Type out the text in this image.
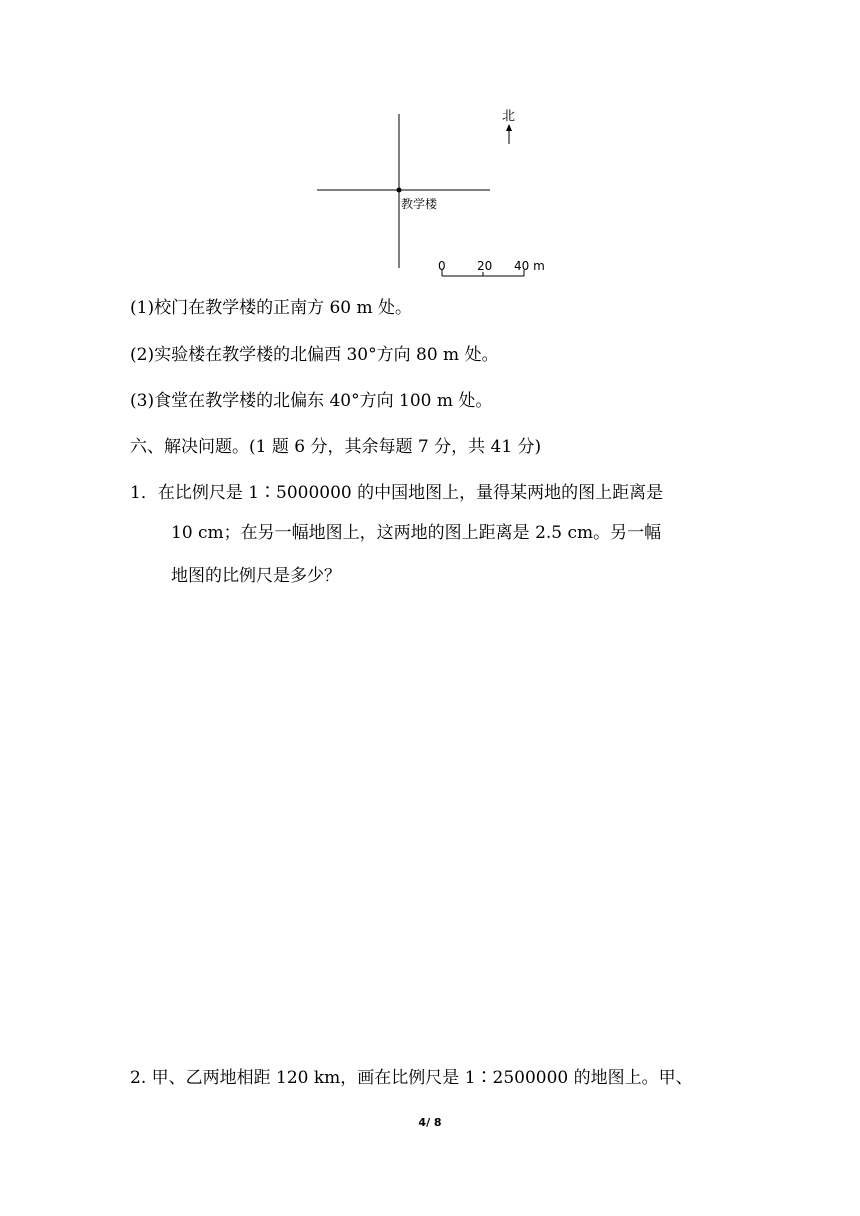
教学楼
北
0	20 40 m
(1)校门在教学楼的正南方 60 m 处。
(2)实验楼在教学楼的北偏西 30°方向 80 m 处。
(3)食堂在教学楼的北偏东 40°方向 100 m 处。
六、解决问题。(1 题 6 分，其余每题 7 分，共 41 分)
1．在比例尺是 1∶5000000 的中国地图上，量得某两地的图上距离是
10 cm；在另一幅地图上，这两地的图上距离是 2.5 cm。另一幅
地图的比例尺是多少？
2. 甲、乙两地相距 120 km，画在比例尺是 1∶2500000 的地图上。甲、
4/ 8
